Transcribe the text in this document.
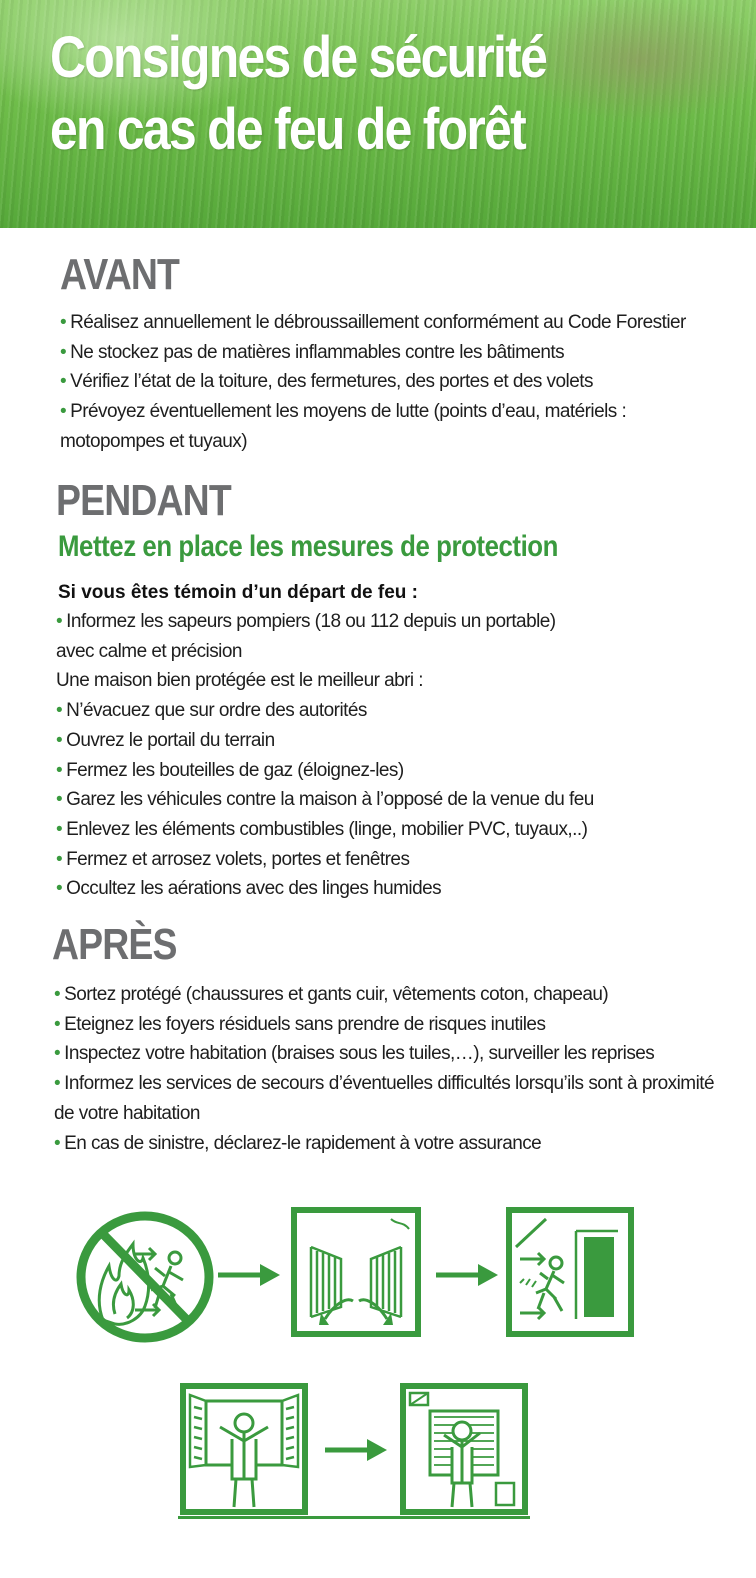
Consignes de sécurité
en cas de feu de forêt
AVANT
• Réalisez annuellement le débroussaillement conformément au Code Forestier
• Ne stockez pas de matières inflammables contre les bâtiments
• Vérifiez l’état de la toiture, des fermetures, des portes et des volets
• Prévoyez éventuellement les moyens de lutte (points d’eau, matériels :
motopompes et tuyaux)
PENDANT
Mettez en place les mesures de protection
Si vous êtes témoin d’un départ de feu :
• Informez les sapeurs pompiers (18 ou 112 depuis un portable)
avec calme et précision
Une maison bien protégée est le meilleur abri :
• N’évacuez que sur ordre des autorités
• Ouvrez le portail du terrain
• Fermez les bouteilles de gaz (éloignez-les)
• Garez les véhicules contre la maison à l’opposé de la venue du feu
• Enlevez les éléments combustibles (linge, mobilier PVC, tuyaux,..)
• Fermez et arrosez volets, portes et fenêtres
• Occultez les aérations avec des linges humides
APRÈS
• Sortez protégé (chaussures et gants cuir, vêtements coton, chapeau)
• Eteignez les foyers résiduels sans prendre de risques inutiles
• Inspectez votre habitation (braises sous les tuiles,…), surveiller les reprises
• Informez les services de secours d’éventuelles difficultés lorsqu’ils sont à proximité de votre habitation
• En cas de sinistre, déclarez-le rapidement à votre assurance
